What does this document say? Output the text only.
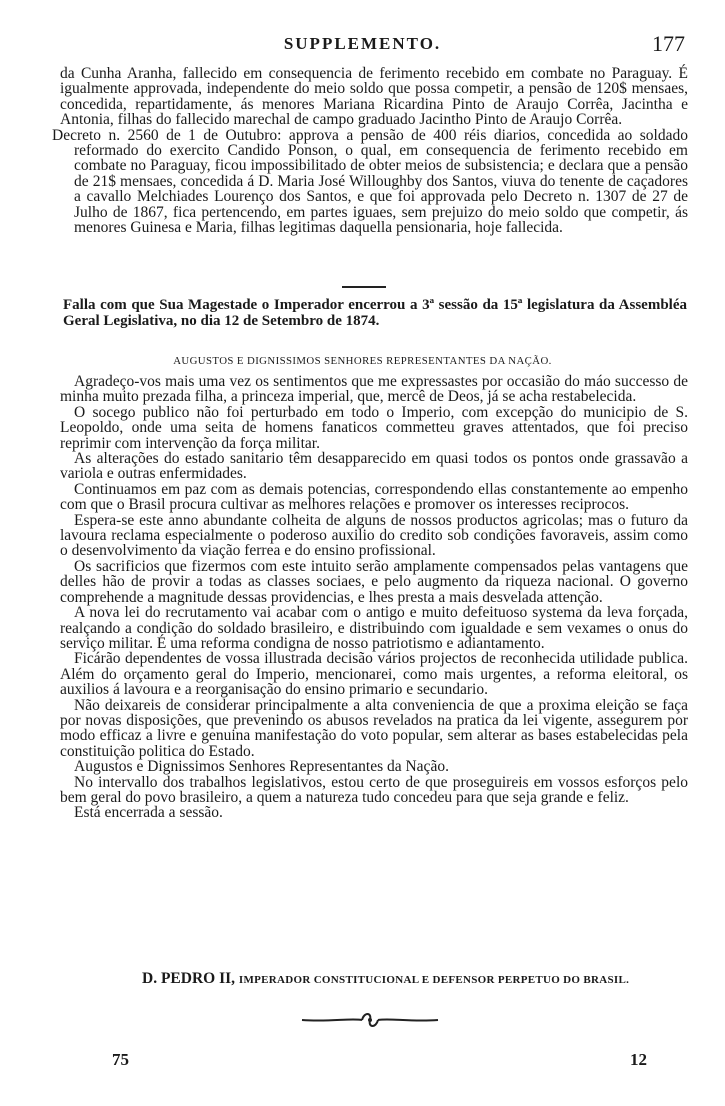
SUPPLEMENTO.	177

da Cunha Aranha, fallecido em consequencia de ferimento recebido em combate no Paraguay. É igualmente approvada, independente do meio soldo que possa competir, a pensão de 120$ mensaes, concedida, repartidamente, ás menores Mariana Ricardina Pinto de Araujo Corrêa, Jacintha e Antonia, filhas do fallecido marechal de campo graduado Jacintho Pinto de Araujo Corrêa.

Decreto n. 2560 de 1 de Outubro: approva a pensão de 400 réis diarios, concedida ao soldado reformado do exercito Candido Ponson, o qual, em consequencia de ferimento recebido em combate no Paraguay, ficou impossibilitado de obter meios de subsistencia; e declara que a pensão de 21$ mensaes, concedida á D. Maria José Willoughby dos Santos, viuva do tenente de caçadores a cavallo Melchiades Lourenço dos Santos, e que foi approvada pelo Decreto n. 1307 de 27 de Julho de 1867, fica pertencendo, em partes iguaes, sem prejuizo do meio soldo que competir, ás menores Guinesa e Maria, filhas legitimas daquella pensionaria, hoje fallecida.

Falla com que Sua Magestade o Imperador encerrou a 3ª sessão da 15ª legislatura da Assembléa Geral Legislativa, no dia 12 de Setembro de 1874.
AUGUSTOS E DIGNISSIMOS SENHORES REPRESENTANTES DA NAÇÃO.

Agradeço-vos mais uma vez os sentimentos que me expressastes por occasião do máo successo de minha muito prezada filha, a princeza imperial, que, mercê de Deos, já se acha restabelecida.

O socego publico não foi perturbado em todo o Imperio, com excepção do municipio de S. Leopoldo, onde uma seita de homens fanaticos commetteu graves attentados, que foi preciso reprimir com intervenção da força militar.

As alterações do estado sanitario têm desapparecido em quasi todos os pontos onde grassavão a variola e outras enfermidades.

Continuamos em paz com as demais potencias, correspondendo ellas constantemente ao empenho com que o Brasil procura cultivar as melhores relações e promover os interesses reciprocos.

Espera-se este anno abundante colheita de alguns de nossos productos agricolas; mas o futuro da lavoura reclama especialmente o poderoso auxilio do credito sob condições favoraveis, assim como o desenvolvimento da viação ferrea e do ensino profissional.

Os sacrificios que fizermos com este intuito serão amplamente compensados pelas vantagens que delles hão de provir a todas as classes sociaes, e pelo augmento da riqueza nacional. O governo comprehende a magnitude dessas providencias, e lhes presta a mais desvelada attenção.

A nova lei do recrutamento vai acabar com o antigo e muito defeituoso systema da leva forçada, realçando a condição do soldado brasileiro, e distribuindo com igualdade e sem vexames o onus do serviço militar. É uma reforma condigna de nosso patriotismo e adiantamento.

Ficárão dependentes de vossa illustrada decisão vários projectos de reconhecida utilidade publica. Além do orçamento geral do Imperio, mencionarei, como mais urgentes, a reforma eleitoral, os auxilios á lavoura e a reorganisação do ensino primario e secundario.

Não deixareis de considerar principalmente a alta conveniencia de que a proxima eleição se faça por novas disposições, que prevenindo os abusos revelados na pratica da lei vigente, assegurem por modo efficaz a livre e genuina manifestação do voto popular, sem alterar as bases estabelecidas pela constituição politica do Estado.

Augustos e Dignissimos Senhores Representantes da Nação.

No intervallo dos trabalhos legislativos, estou certo de que proseguireis em vossos esforços pelo bem geral do povo brasileiro, a quem a natureza tudo concedeu para que seja grande e feliz.

Está encerrada a sessão.

D. PEDRO II, IMPERADOR CONSTITUCIONAL E DEFENSOR PERPETUO DO BRASIL.
75	12
